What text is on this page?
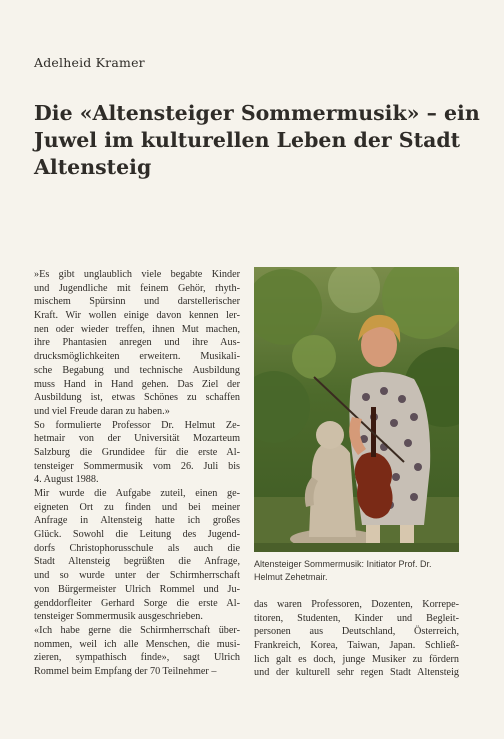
Adelheid Kramer
Die «Altensteiger Sommermusik» – ein
Juwel im kulturellen Leben der Stadt
Altensteig
»Es gibt unglaublich viele begabte Kinder
und Jugendliche mit feinem Gehör, rhyth-
mischem Spürsinn und darstellerischer
Kraft. Wir wollen einige davon kennen ler-
nen oder wieder treffen, ihnen Mut machen,
ihre Phantasien anregen und ihre Aus-
drucksmöglichkeiten erweitern. Musikali-
sche Begabung und technische Ausbildung
muss Hand in Hand gehen. Das Ziel der
Ausbildung ist, etwas Schönes zu schaffen
und viel Freude daran zu haben.»
So formulierte Professor Dr. Helmut Ze-
hetmair von der Universität Mozarteum
Salzburg die Grundidee für die erste Al-
tensteiger Sommermusik vom 26. Juli bis
4. August 1988.
Mir wurde die Aufgabe zuteil, einen ge-
eigneten Ort zu finden und bei meiner
Anfrage in Altensteig hatte ich großes
Glück. Sowohl die Leitung des Jugend-
dorfs Christophorusschule als auch die
Stadt Altensteig begrüßten die Anfrage,
und so wurde unter der Schirmherrschaft
von Bürgermeister Ulrich Rommel und Ju-
genddorfleiter Gerhard Sorge die erste Al-
tensteiger Sommermusik ausgeschrieben.
«Ich habe gerne die Schirmherrschaft über-
nommen, weil ich alle Menschen, die musi-
zieren, sympathisch finde», sagt Ulrich
Rommel beim Empfang der 70 Teilnehmer –
Altensteiger Sommermusik: Initiator Prof. Dr.
Helmut Zehetmair.
das waren Professoren, Dozenten, Korrepe-
titoren, Studenten, Kinder und Begleit-
personen aus Deutschland, Österreich,
Frankreich, Korea, Taiwan, Japan. Schließ-
lich galt es doch, junge Musiker zu fördern
und der kulturell sehr regen Stadt Altensteig
